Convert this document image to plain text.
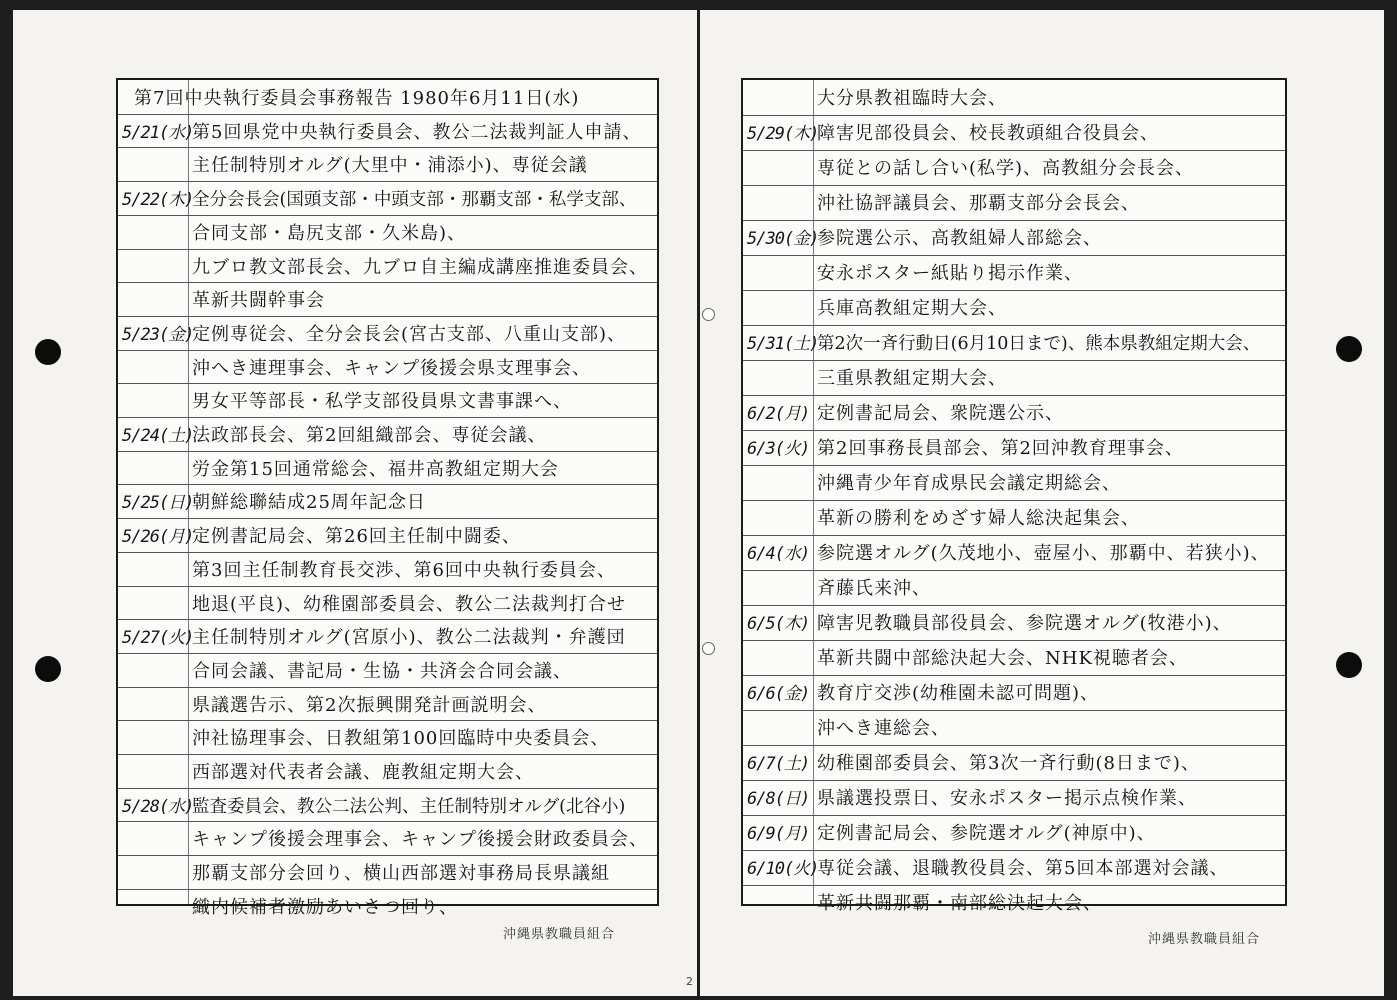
第7回中央執行委員会事務報告 1980年6月11日(水)
5/21(水)
第5回県党中央執行委員会、教公二法裁判証人申請、
主任制特別オルグ(大里中・浦添小)、専従会議
5/22(木)
全分会長会(国頭支部・中頭支部・那覇支部・私学支部、
合同支部・島尻支部・久米島)、
九ブロ教文部長会、九ブロ自主編成講座推進委員会、
革新共闘幹事会
5/23(金)
定例専従会、全分会長会(宮古支部、八重山支部)、
沖へき連理事会、キャンプ後援会県支理事会、
男女平等部長・私学支部役員県文書事課へ、
5/24(土)
法政部長会、第2回組織部会、専従会議、
労金第15回通常総会、福井高教組定期大会
5/25(日)
朝鮮総聯結成25周年記念日
5/26(月)
定例書記局会、第26回主任制中闘委、
第3回主任制教育長交渉、第6回中央執行委員会、
地退(平良)、幼稚園部委員会、教公二法裁判打合せ
5/27(火)
主任制特別オルグ(宮原小)、教公二法裁判・弁護団
合同会議、書記局・生協・共済会合同会議、
県議選告示、第2次振興開発計画説明会、
沖社協理事会、日教組第100回臨時中央委員会、
西部選対代表者会議、鹿教組定期大会、
5/28(水)
監査委員会、教公二法公判、主任制特別オルグ(北谷小)
キャンプ後援会理事会、キャンプ後援会財政委員会、
那覇支部分会回り、横山西部選対事務局長県議組
織内候補者激励あいさつ回り、
沖縄県教職員組合
2
大分県教祖臨時大会、
5/29(木)
障害児部役員会、校長教頭組合役員会、
専従との話し合い(私学)、高教組分会長会、
沖社協評議員会、那覇支部分会長会、
5/30(金)
参院選公示、高教組婦人部総会、
安永ポスター紙貼り掲示作業、
兵庫高教組定期大会、
5/31(土)
第2次一斉行動日(6月10日まで)、熊本県教組定期大会、
三重県教組定期大会、
6/2(月) 定例書記局会、衆院選公示、
6/3(火) 第2回事務長員部会、第2回沖教育理事会、
沖縄青少年育成県民会議定期総会、
革新の勝利をめざす婦人総決起集会、
6/4(水) 参院選オルグ(久茂地小、壺屋小、那覇中、若狭小)、
斉藤氏来沖、
6/5(木) 障害児教職員部役員会、参院選オルグ(牧港小)、
革新共闘中部総決起大会、NHK視聴者会、
6/6(金) 教育庁交渉(幼稚園未認可問題)、
沖へき連総会、
6/7(土) 幼稚園部委員会、第3次一斉行動(8日まで)、
6/8(日) 県議選投票日、安永ポスター掲示点検作業、
6/9(月) 定例書記局会、参院選オルグ(神原中)、
6/10(火)
専従会議、退職教役員会、第5回本部選対会議、
革新共闘那覇・南部総決起大会、
沖縄県教職員組合
